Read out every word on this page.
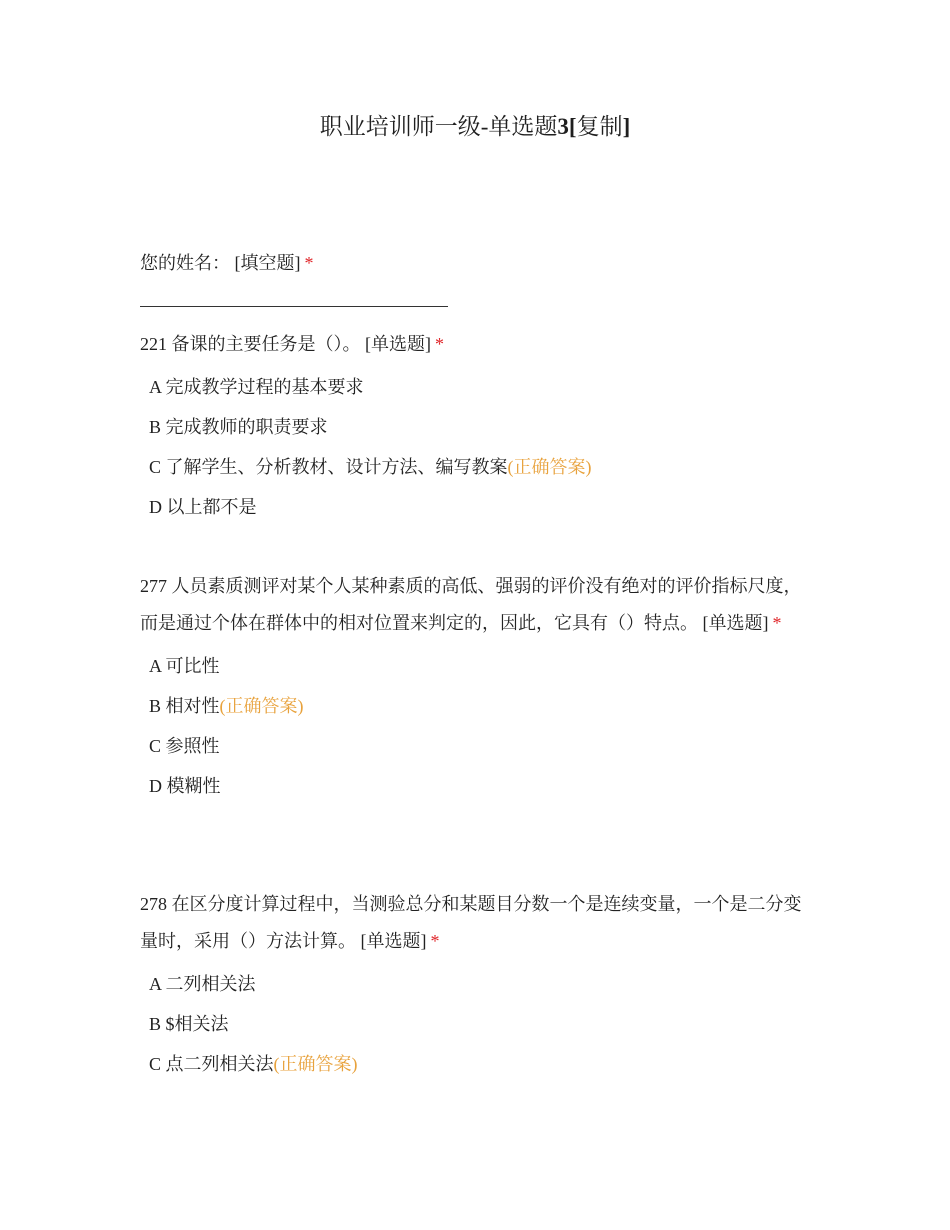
职业培训师一级-单选题3[复制]
您的姓名： [填空题] *
221 备课的主要任务是（）。 [单选题] *
A 完成教学过程的基本要求
B 完成教师的职责要求
C 了解学生、分析教材、设计方法、编写教案(正确答案)
D 以上都不是
277 人员素质测评对某个人某种素质的高低、强弱的评价没有绝对的评价指标尺度，而是通过个体在群体中的相对位置来判定的，因此，它具有（）特点。 [单选题] *
A 可比性
B 相对性(正确答案)
C 参照性
D 模糊性
278 在区分度计算过程中，当测验总分和某题目分数一个是连续变量，一个是二分变量时，采用（）方法计算。 [单选题] *
A 二列相关法
B $相关法
C 点二列相关法(正确答案)
